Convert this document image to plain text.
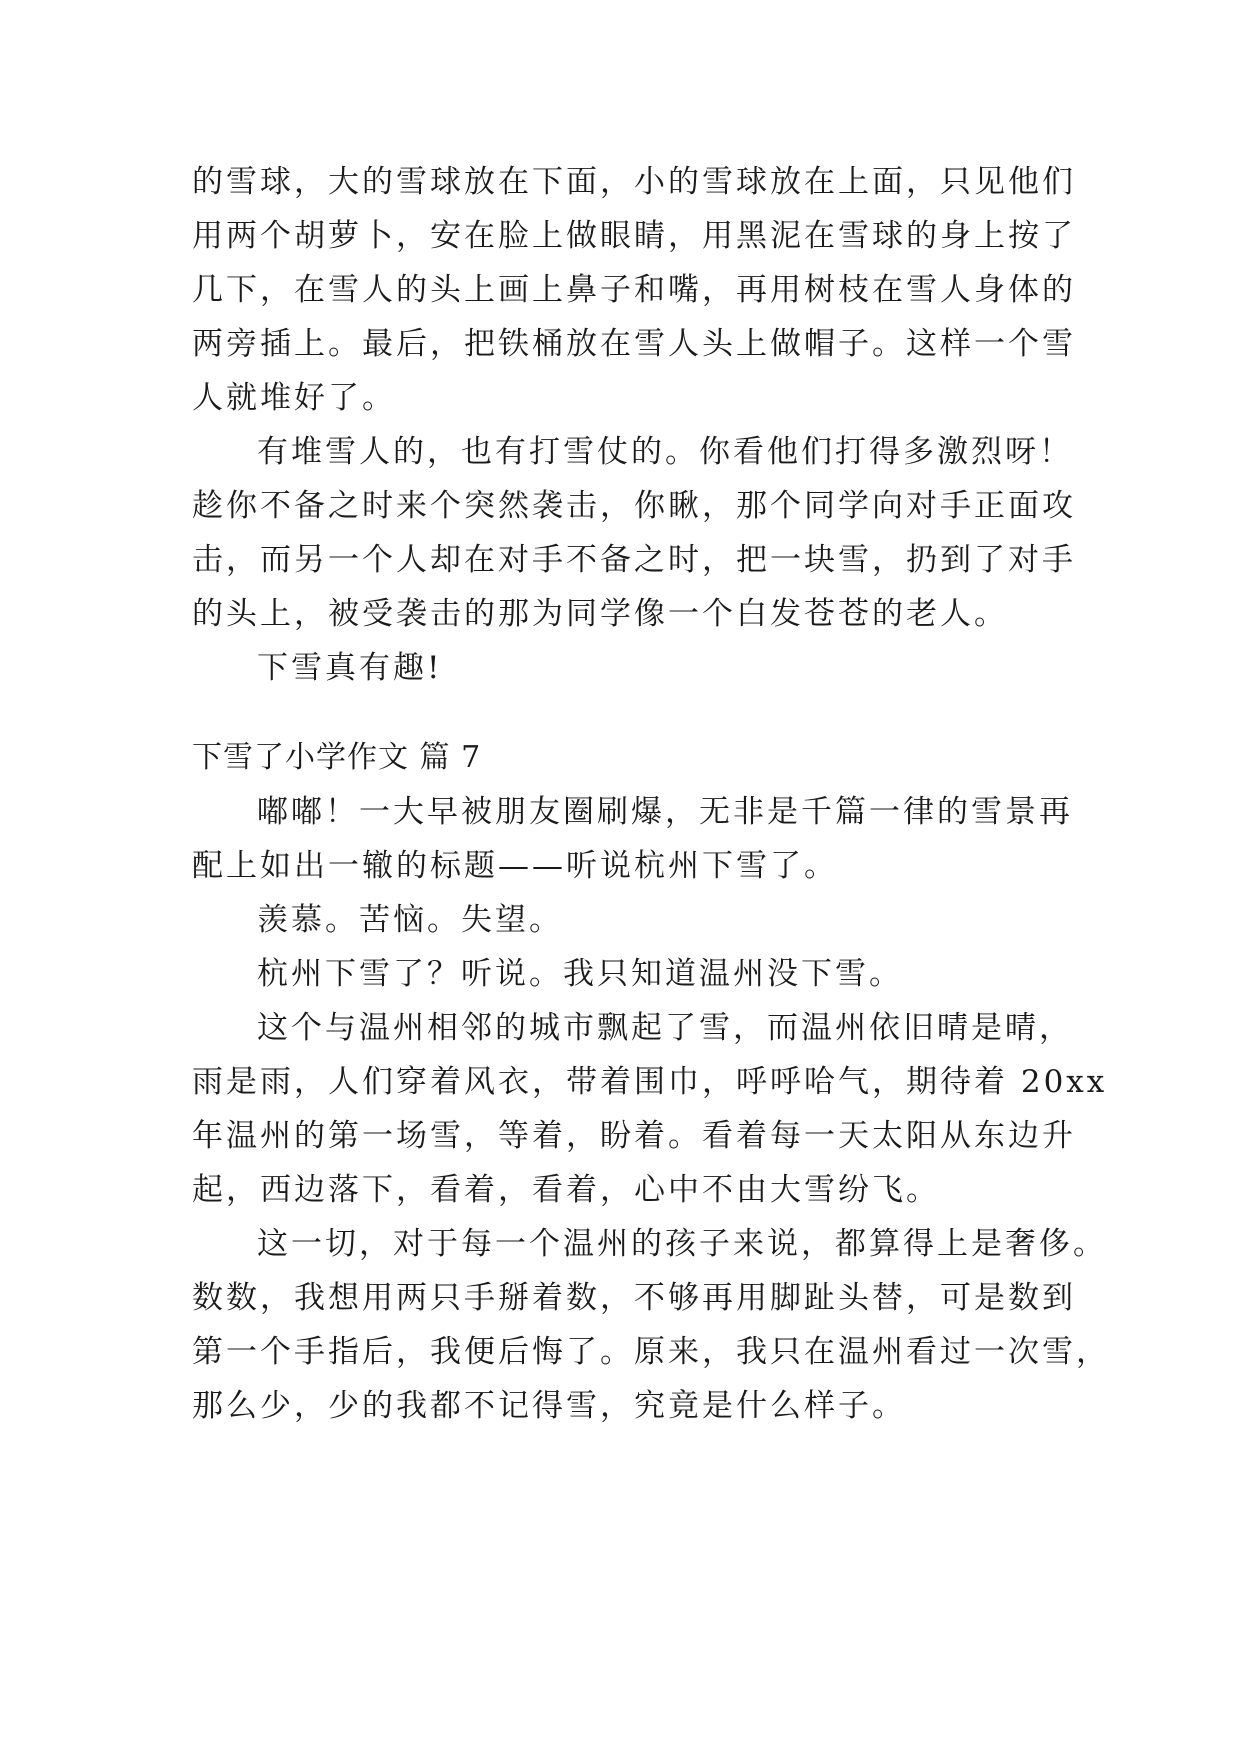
的雪球，大的雪球放在下面，小的雪球放在上面，只见他们
用两个胡萝卜，安在脸上做眼睛，用黑泥在雪球的身上按了
几下，在雪人的头上画上鼻子和嘴，再用树枝在雪人身体的
两旁插上。最后，把铁桶放在雪人头上做帽子。这样一个雪
人就堆好了。
有堆雪人的，也有打雪仗的。你看他们打得多激烈呀！
趁你不备之时来个突然袭击，你瞅，那个同学向对手正面攻
击，而另一个人却在对手不备之时，把一块雪，扔到了对手
的头上，被受袭击的那为同学像一个白发苍苍的老人。
下雪真有趣!
下雪了小学作文 篇 7
嘟嘟！一大早被朋友圈刷爆，无非是千篇一律的雪景再
配上如出一辙的标题——听说杭州下雪了。
羡慕。苦恼。失望。
杭州下雪了？听说。我只知道温州没下雪。
这个与温州相邻的城市飘起了雪，而温州依旧晴是晴，
雨是雨，人们穿着风衣，带着围巾，呼呼哈气，期待着 20xx
年温州的第一场雪，等着，盼着。看着每一天太阳从东边升
起，西边落下，看着，看着，心中不由大雪纷飞。
这一切，对于每一个温州的孩子来说，都算得上是奢侈。
数数，我想用两只手掰着数，不够再用脚趾头替，可是数到
第一个手指后，我便后悔了。原来，我只在温州看过一次雪，
那么少，少的我都不记得雪，究竟是什么样子。
